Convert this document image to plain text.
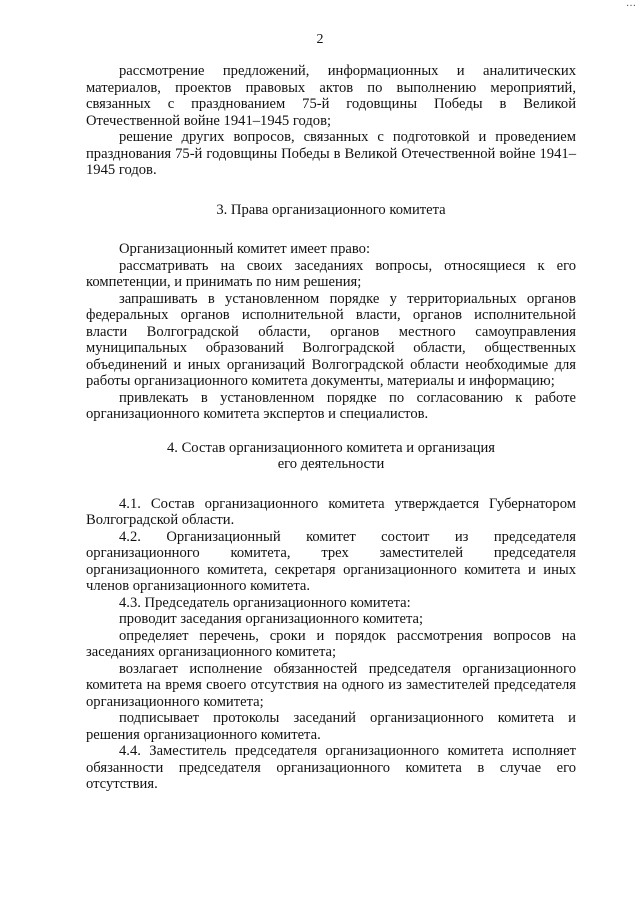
…
2

рассмотрение предложений, информационных и аналитических материалов, проектов правовых актов по выполнению мероприятий, связанных с празднованием 75-й годовщины Победы в Великой Отечественной войне 1941–1945 годов;

решение других вопросов, связанных с подготовкой и проведением празднования 75-й годовщины Победы в Великой Отечественной войне 1941–1945 годов.

3. Права организационного комитета

Организационный комитет имеет право:

рассматривать на своих заседаниях вопросы, относящиеся к его компетенции, и принимать по ним решения;

запрашивать в установленном порядке у территориальных органов федеральных органов исполнительной власти, органов исполнительной власти Волгоградской области, органов местного самоуправления муниципальных образований Волгоградской области, общественных объединений и иных организаций Волгоградской области необходимые для работы организационного комитета документы, материалы и информацию;

привлекать в установленном порядке по согласованию к работе организационного комитета экспертов и специалистов.

4. Состав организационного комитета и организация

его деятельности

4.1. Состав организационного комитета утверждается Губернатором Волгоградской области.

4.2. Организационный комитет состоит из председателя организационного комитета, трех заместителей председателя организационного комитета, секретаря организационного комитета и иных членов организационного комитета.

4.3. Председатель организационного комитета:

проводит заседания организационного комитета;

определяет перечень, сроки и порядок рассмотрения вопросов на заседаниях организационного комитета;

возлагает исполнение обязанностей председателя организационного комитета на время своего отсутствия на одного из заместителей председателя организационного комитета;

подписывает протоколы заседаний организационного комитета и решения организационного комитета.

4.4. Заместитель председателя организационного комитета исполняет обязанности председателя организационного комитета в случае его отсутствия.
